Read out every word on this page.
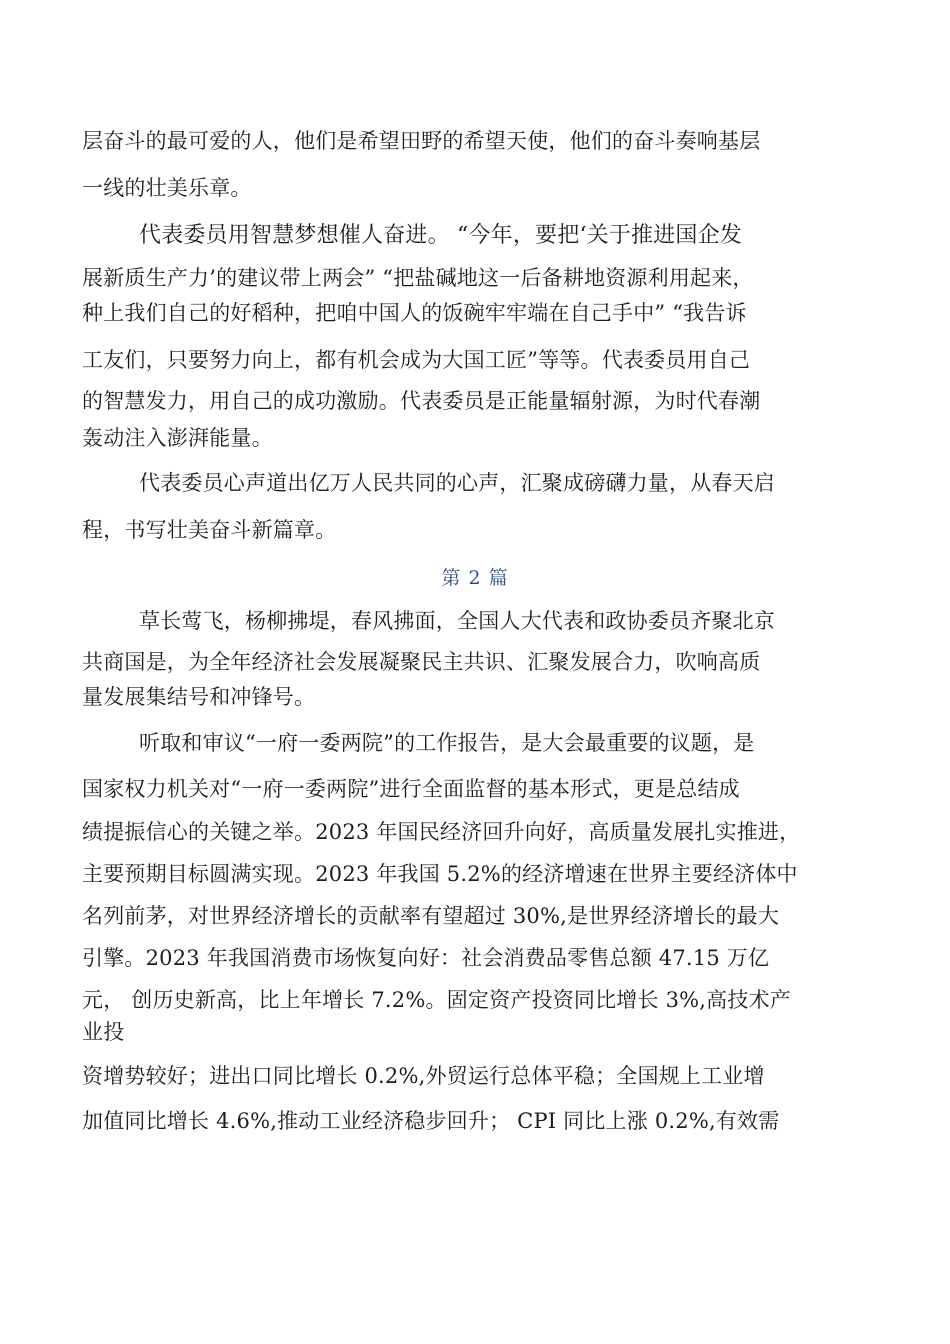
层奋斗的最可爱的人，他们是希望田野的希望天使，他们的奋斗奏响基层
一线的壮美乐章。
代表委员用智慧梦想催人奋进。 “今年，要把‘关于推进国企发
展新质生产力’的建议带上两会” “把盐碱地这一后备耕地资源利用起来，
种上我们自己的好稻种，把咱中国人的饭碗牢牢端在自己手中” “我告诉
工友们，只要努力向上，都有机会成为大国工匠”等等。代表委员用自己
的智慧发力，用自己的成功激励。代表委员是正能量辐射源，为时代春潮
轰动注入澎湃能量。
代表委员心声道出亿万人民共同的心声，汇聚成磅礴力量，从春天启
程，书写壮美奋斗新篇章。
第 2 篇
草长莺飞，杨柳拂堤，春风拂面，全国人大代表和政协委员齐聚北京
共商国是，为全年经济社会发展凝聚民主共识、汇聚发展合力，吹响高质
量发展集结号和冲锋号。
听取和审议“一府一委两院”的工作报告，是大会最重要的议题，是
国家权力机关对“一府一委两院”进行全面监督的基本形式，更是总结成
绩提振信心的关键之举。2023 年国民经济回升向好，高质量发展扎实推进，
主要预期目标圆满实现。2023 年我国 5.2%的经济增速在世界主要经济体中
名列前茅，对世界经济增长的贡献率有望超过 30%,是世界经济增长的最大
引擎。2023 年我国消费市场恢复向好：社会消费品零售总额 47.15 万亿
元， 创历史新高，比上年增长 7.2%。固定资产投资同比增长 3%,高技术产
业投
资增势较好；进出口同比增长 0.2%,外贸运行总体平稳；全国规上工业增
加值同比增长 4.6%,推动工业经济稳步回升； CPI 同比上涨 0.2%,有效需
